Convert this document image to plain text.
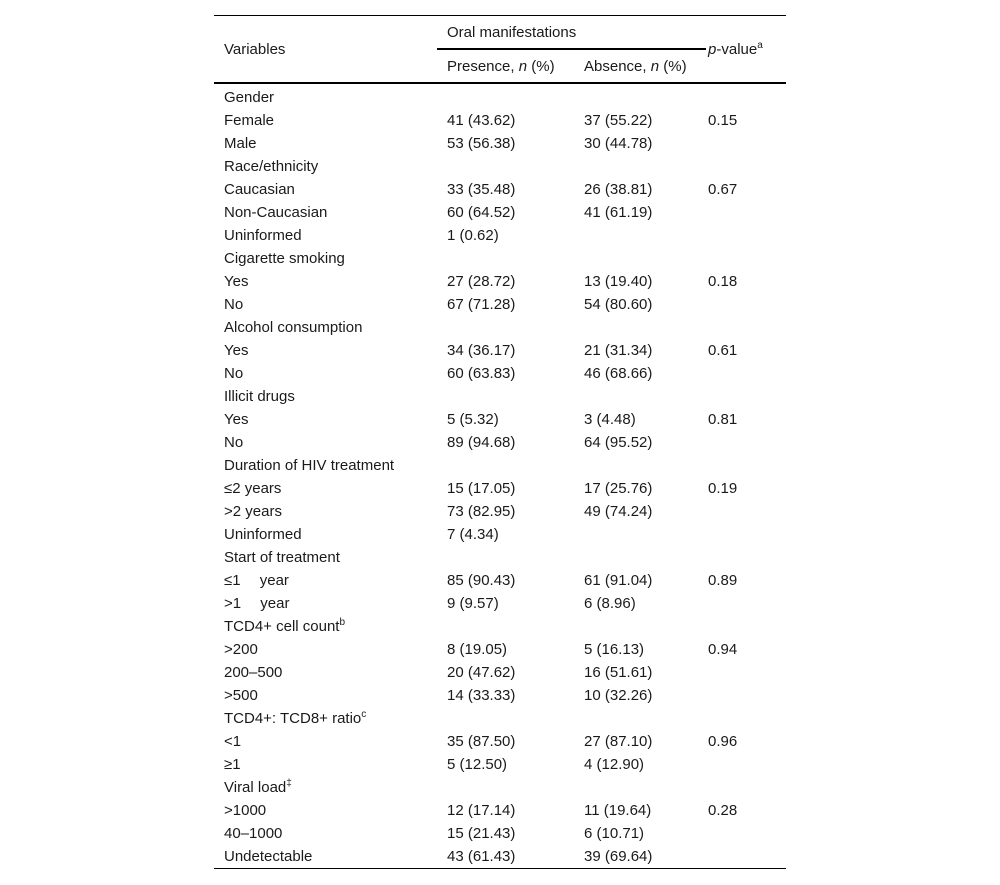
Variables	Oral manifestations		p-value$^a$
	Presence, n (%)	Absence, n (%)	
Gender			
Female	41 (43.62)	37 (55.22)	0.15
Male	53 (56.38)	30 (44.78)	
Race/ethnicity			
Caucasian	33 (35.48)	26 (38.81)	0.67
Non-Caucasian	60 (64.52)	41 (61.19)	
Uninformed	1 (0.62)		
Cigarette smoking			
Yes	27 (28.72)	13 (19.40)	0.18
No	67 (71.28)	54 (80.60)	
Alcohol consumption			
Yes	34 (36.17)	21 (31.34)	0.61
No	60 (63.83)	46 (68.66)	
Illicit drugs			
Yes	5 (5.32)	3 (4.48)	0.81
No	89 (94.68)	64 (95.52)	
Duration of HIV treatment			
≤2 years	15 (17.05)	17 (25.76)	0.19
>2 years	73 (82.95)	49 (74.24)	
Uninformed	7 (4.34)		
Start of treatment			
≤1  year	85 (90.43)	61 (91.04)	0.89
>1  year	9 (9.57)	6 (8.96)	
TCD4+ cell count$^b$			
>200	8 (19.05)	5 (16.13)	0.94
200–500	20 (47.62)	16 (51.61)	
>500	14 (33.33)	10 (32.26)	
TCD4+: TCD8+ ratio$^c$			
<1	35 (87.50)	27 (87.10)	0.96
≥1	5 (12.50)	4 (12.90)	
Viral load‡			
>1000	12 (17.14)	11 (19.64)	0.28
40–1000	15 (21.43)	6 (10.71)	
Undetectable	43 (61.43)	39 (69.64)	
